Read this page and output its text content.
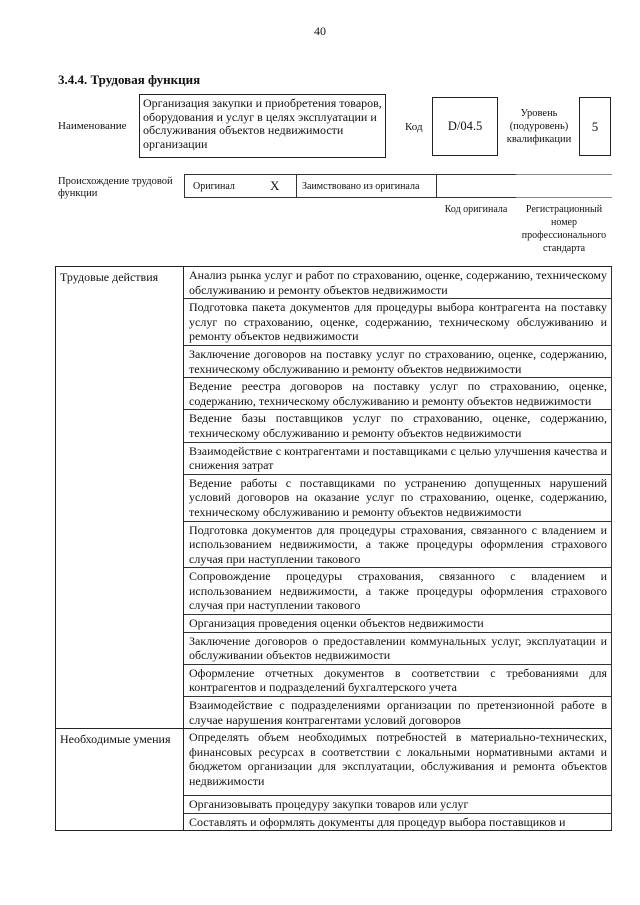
40
3.4.4. Трудовая функция
Наименование
Организация закупки и приобретения товаров, оборудования и услуг в целях эксплуатации и обслуживания объектов недвижимости организации
Код	D/04.5
Уровень (подуровень) квалификации
5
Происхождение трудовой функции
Оригинал	X Заимствовано из оригинала
Код оригинала	Регистрационный номер профессионального стандарта
Трудовые действия	Анализ рынка услуг и работ по страхованию, оценке, содержанию, техническому обслуживанию и ремонту объектов недвижимости
Подготовка пакета документов для процедуры выбора контрагента на поставку услуг по страхованию, оценке, содержанию, техническому обслуживанию и ремонту объектов недвижимости
Заключение договоров на поставку услуг по страхованию, оценке, содержанию, техническому обслуживанию и ремонту объектов недвижимости
Ведение реестра договоров на поставку услуг по страхованию, оценке, содержанию, техническому обслуживанию и ремонту объектов недвижимости
Ведение базы поставщиков услуг по страхованию, оценке, содержанию, техническому обслуживанию и ремонту объектов недвижимости
Взаимодействие с контрагентами и поставщиками с целью улучшения качества и снижения затрат
Ведение работы с поставщиками по устранению допущенных нарушений условий договоров на оказание услуг по страхованию, оценке, содержанию, техническому обслуживанию и ремонту объектов недвижимости
Подготовка документов для процедуры страхования, связанного с владением и использованием недвижимости, а также процедуры оформления страхового случая при наступлении такового
Сопровождение процедуры страхования, связанного с владением и использованием недвижимости, а также процедуры оформления страхового случая при наступлении такового
Организация проведения оценки объектов недвижимости
Заключение договоров о предоставлении коммунальных услуг, эксплуатации и обслуживании объектов недвижимости
Оформление отчетных документов в соответствии с требованиями для контрагентов и подразделений бухгалтерского учета
Взаимодействие с подразделениями организации по претензионной работе в случае нарушения контрагентами условий договоров
Необходимые умения	Определять объем необходимых потребностей в материально-технических, финансовых ресурсах в соответствии с локальными нормативными актами и бюджетом организации для эксплуатации, обслуживания и ремонта объектов недвижимости
Организовывать процедуру закупки товаров или услуг
Составлять и оформлять документы для процедур выбора поставщиков и
